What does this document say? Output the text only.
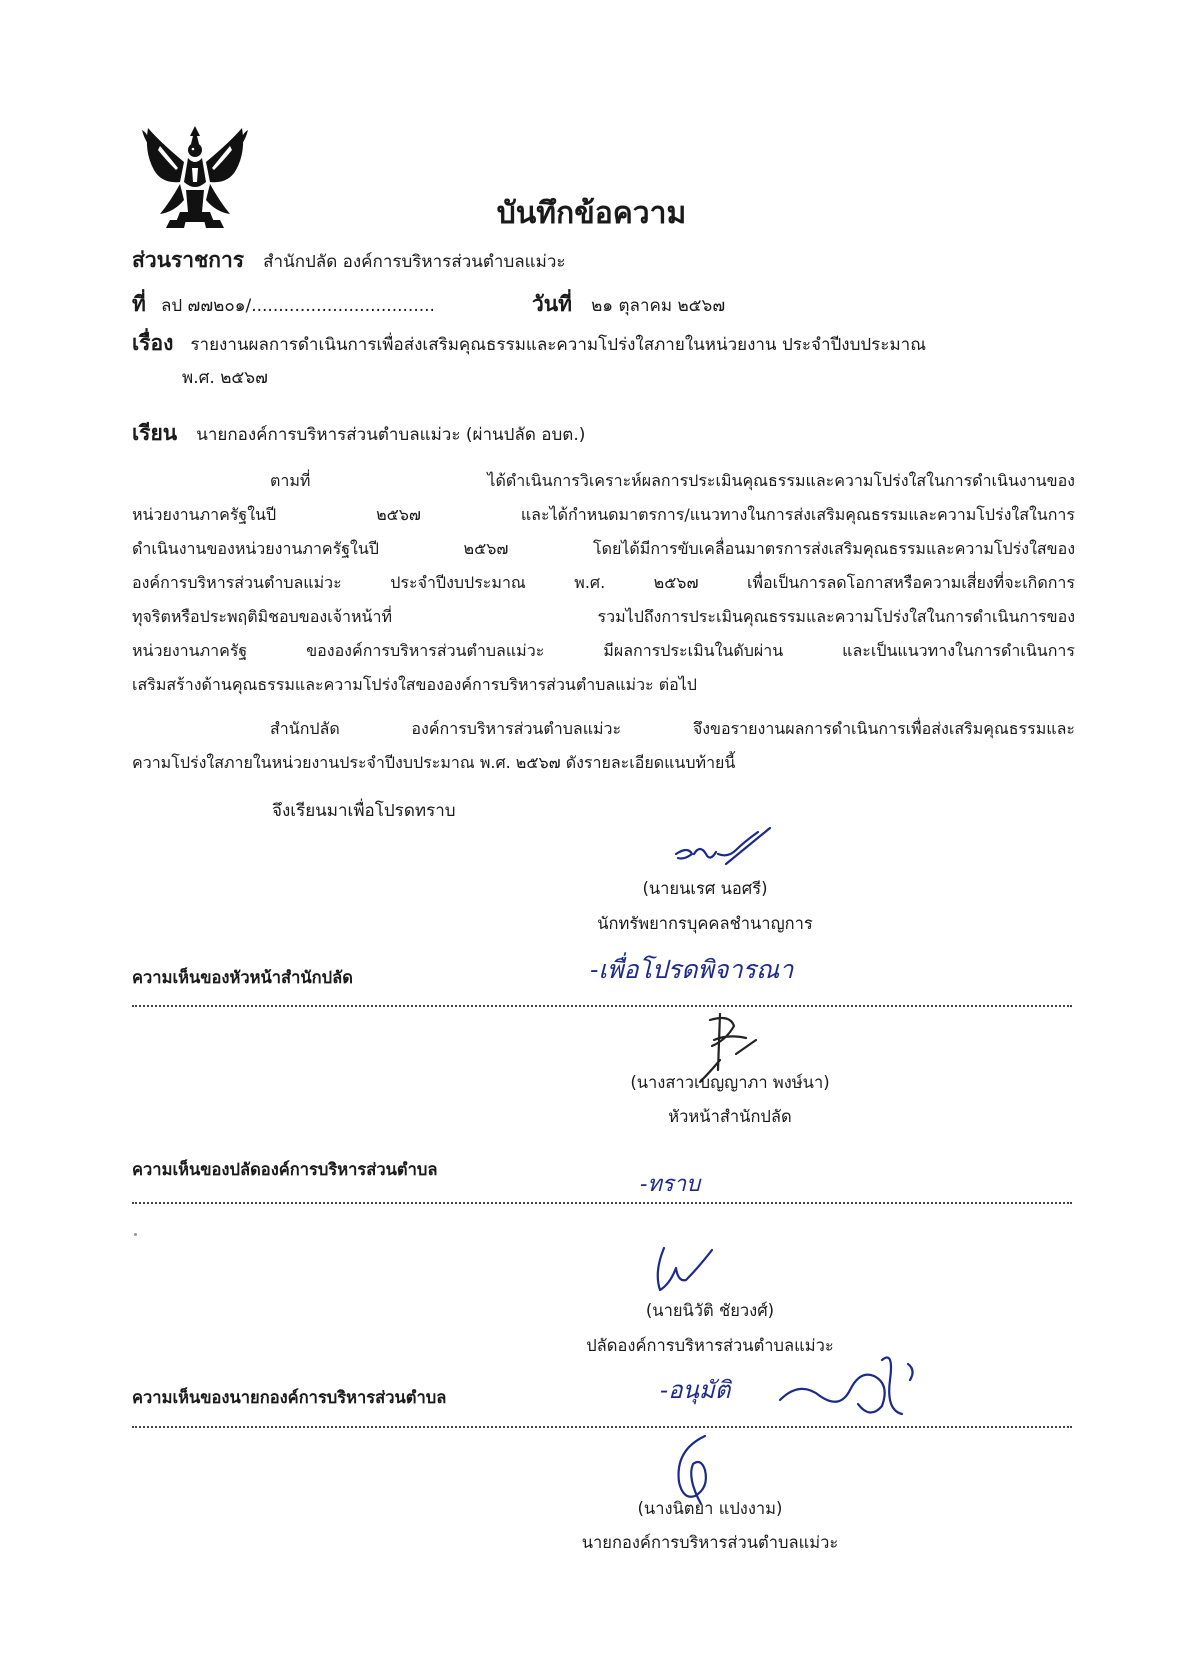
บันทึกข้อความ
ส่วนราชการ สำนักปลัด องค์การบริหารส่วนตำบลแม่วะ
ที่ ลป ๗๗๒๐๑/..................................	วันที่ ๒๑ ตุลาคม ๒๕๖๗
เรื่อง รายงานผลการดำเนินการเพื่อส่งเสริมคุณธรรมและความโปร่งใสภายในหน่วยงาน ประจำปีงบประมาณ
พ.ศ. ๒๕๖๗
เรียน นายกองค์การบริหารส่วนตำบลแม่วะ (ผ่านปลัด อบต.)
ตามที่ ได้ดำเนินการวิเคราะห์ผลการประเมินคุณธรรมและความโปร่งใสในการดำเนินงานของ
หน่วยงานภาครัฐในปี ๒๕๖๗ และได้กำหนดมาตรการ/แนวทางในการส่งเสริมคุณธรรมและความโปร่งใสในการ
ดำเนินงานของหน่วยงานภาครัฐในปี ๒๕๖๗ โดยได้มีการขับเคลื่อนมาตรการส่งเสริมคุณธรรมและความโปร่งใสของ
องค์การบริหารส่วนตำบลแม่วะ ประจำปีงบประมาณ พ.ศ. ๒๕๖๗ เพื่อเป็นการลดโอกาสหรือความเสี่ยงที่จะเกิดการ
ทุจริตหรือประพฤติมิชอบของเจ้าหน้าที่ รวมไปถึงการประเมินคุณธรรมและความโปร่งใสในการดำเนินการของ
หน่วยงานภาครัฐ ขององค์การบริหารส่วนตำบลแม่วะ มีผลการประเมินในดับผ่าน และเป็นแนวทางในการดำเนินการ
เสริมสร้างด้านคุณธรรมและความโปร่งใสขององค์การบริหารส่วนตำบลแม่วะ ต่อไป
สำนักปลัด องค์การบริหารส่วนตำบลแม่วะ จึงขอรายงานผลการดำเนินการเพื่อส่งเสริมคุณธรรมและ
ความโปร่งใสภายในหน่วยงานประจำปีงบประมาณ พ.ศ. ๒๕๖๗ ดังรายละเอียดแนบท้ายนี้
จึงเรียนมาเพื่อโปรดทราบ
(นายนเรศ นอศรี)
นักทรัพยากรบุคคลชำนาญการ
ความเห็นของหัวหน้าสำนักปลัด	-เพื่อโปรดพิจารณา
(นางสาวเบญญาภา พงษ์นา)
หัวหน้าสำนักปลัด
ความเห็นของปลัดองค์การบริหารส่วนตำบล
-ทราบ
(นายนิวัติ ชัยวงศ์)
ปลัดองค์การบริหารส่วนตำบลแม่วะ
ความเห็นของนายกองค์การบริหารส่วนตำบล	-อนุมัติ
(นางนิตยา แปงงาม)
นายกองค์การบริหารส่วนตำบลแม่วะ
